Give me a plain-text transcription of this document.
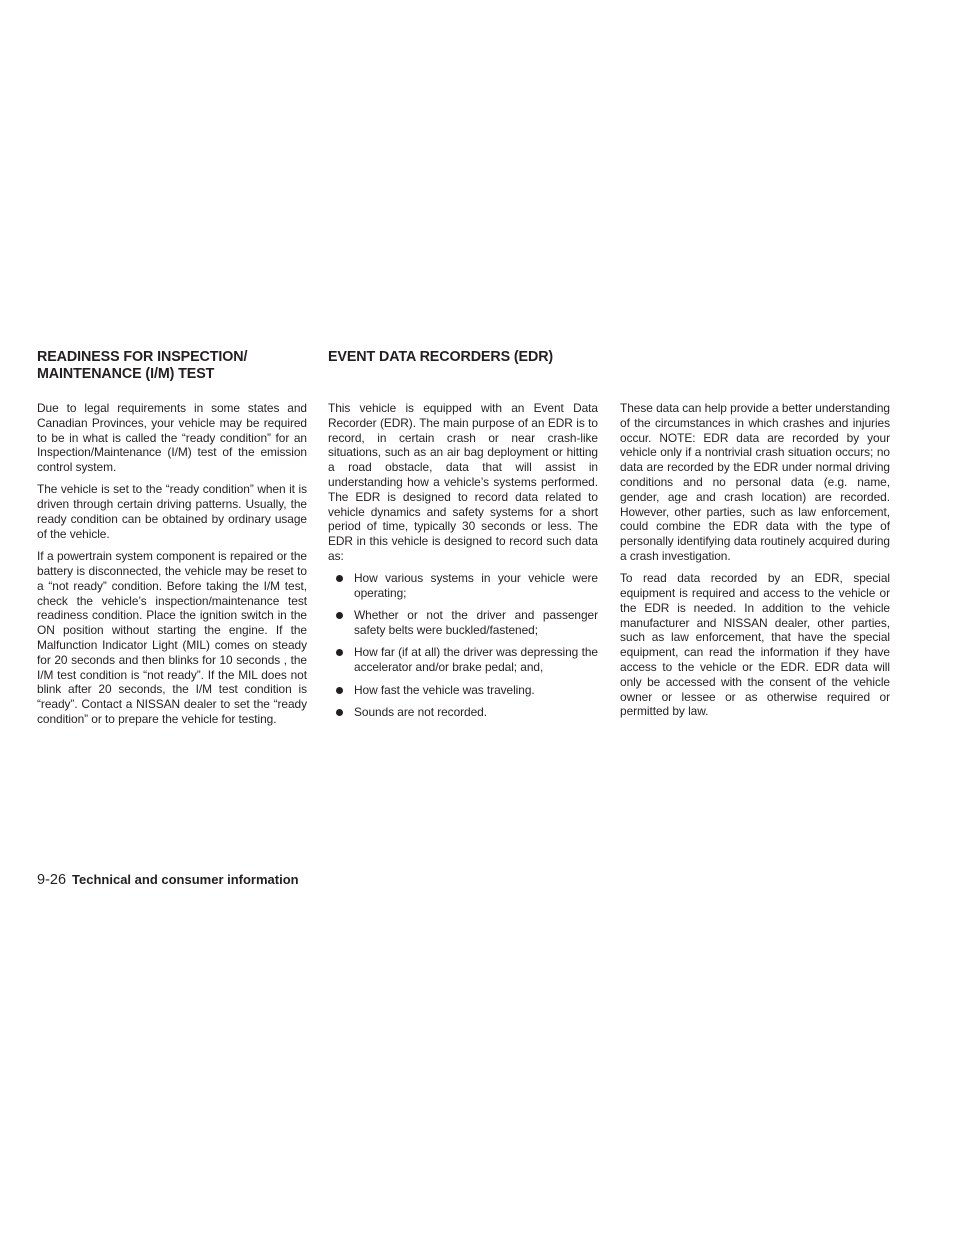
READINESS FOR INSPECTION/
MAINTENANCE (I/M) TEST

Due to legal requirements in some states and Canadian Provinces, your vehicle may be required to be in what is called the “ready condition” for an Inspection/Maintenance (I/M) test of the emission control system.

The vehicle is set to the “ready condition” when it is driven through certain driving patterns. Usually, the ready condition can be obtained by ordinary usage of the vehicle.

If a powertrain system component is repaired or the battery is disconnected, the vehicle may be reset to a “not ready” condition. Before taking the I/M test, check the vehicle’s inspection/maintenance test readiness condition. Place the ignition switch in the ON position without starting the engine. If the Malfunction Indicator Light (MIL) comes on steady for 20 seconds and then blinks for 10 seconds , the I/M test condition is “not ready”. If the MIL does not blink after 20 seconds, the I/M test condition is “ready”. Contact a NISSAN dealer to set the “ready condition” or to prepare the vehicle for testing.

EVENT DATA RECORDERS (EDR)

This vehicle is equipped with an Event Data Recorder (EDR). The main purpose of an EDR is to record, in certain crash or near crash-like situations, such as an air bag deployment or hitting a road obstacle, data that will assist in understanding how a vehicle’s systems performed. The EDR is designed to record data related to vehicle dynamics and safety systems for a short period of time, typically 30 seconds or less. The EDR in this vehicle is designed to record such data as:

How various systems in your vehicle were operating;
Whether or not the driver and passenger safety belts were buckled/fastened;
How far (if at all) the driver was depressing the accelerator and/or brake pedal; and,
How fast the vehicle was traveling.
Sounds are not recorded.

These data can help provide a better understanding of the circumstances in which crashes and injuries occur. NOTE: EDR data are recorded by your vehicle only if a nontrivial crash situation occurs; no data are recorded by the EDR under normal driving conditions and no personal data (e.g. name, gender, age and crash location) are recorded. However, other parties, such as law enforcement, could combine the EDR data with the type of personally identifying data routinely acquired during a crash investigation.

To read data recorded by an EDR, special equipment is required and access to the vehicle or the EDR is needed. In addition to the vehicle manufacturer and NISSAN dealer, other parties, such as law enforcement, that have the special equipment, can read the information if they have access to the vehicle or the EDR. EDR data will only be accessed with the consent of the vehicle owner or lessee or as otherwise required or permitted by law.

9-26 Technical and consumer information
